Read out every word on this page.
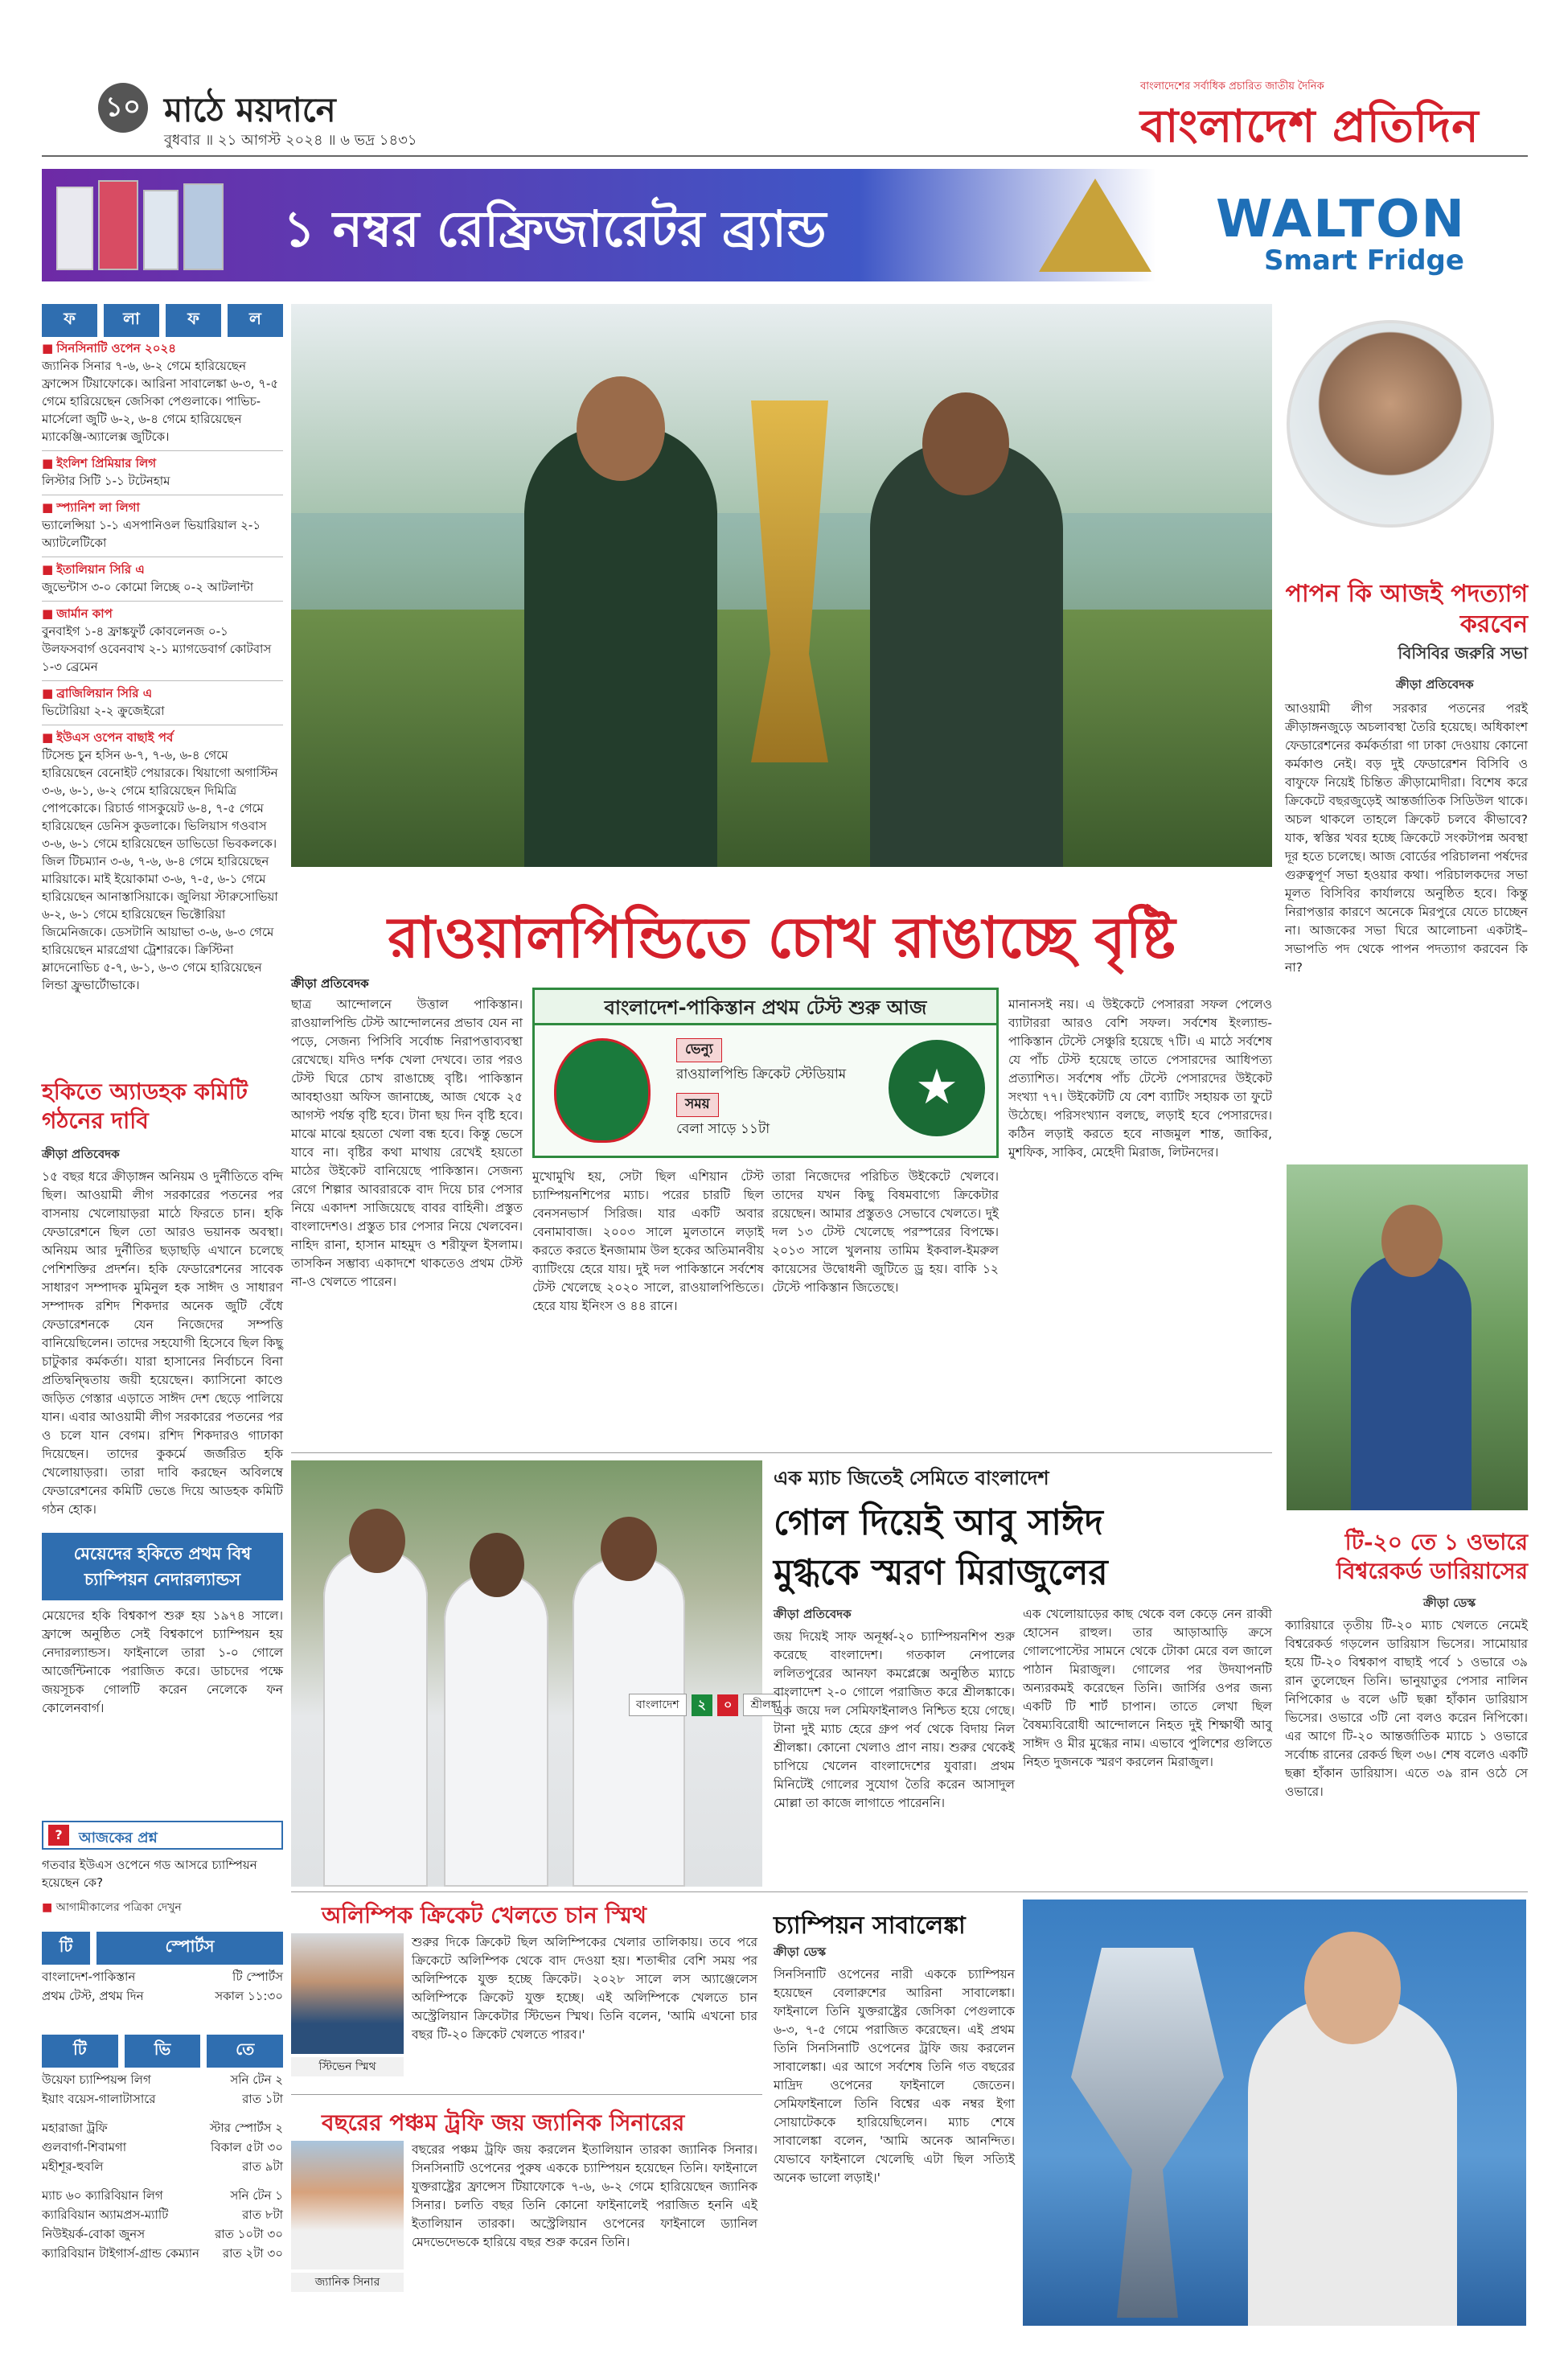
১০ মাঠে ময়দানে
বুধবার ॥ ২১ আগস্ট ২০২৪ ॥ ৬ ভদ্র ১৪৩১
বাংলাদেশের সর্বাধিক প্রচারিত জাতীয় দৈনিক
বাংলাদেশ প্রতিদিন
১ নম্বর রেফ্রিজারেটর ব্র্যান্ড	WALTON
Smart Fridge
ফ	লা	ফ	ল
■ সিনসিনাটি ওপেন ২০২৪
জ্যানিক সিনার ৭-৬, ৬-২ গেমে হারিয়েছেন ফ্রান্সেস টিয়াফোকে। আরিনা সাবালেঙ্কা ৬-৩, ৭-৫ গেমে হারিয়েছেন জেসিকা পেগুলাকে। পাভিচ-মার্সেলো জুটি ৬-২, ৬-৪ গেমে হারিয়েছেন ম্যাকেঞ্জি-অ্যালেক্স জুটিকে।
■ ইংলিশ প্রিমিয়ার লিগ
লিস্টার সিটি ১-১ টটেনহাম
■ স্প্যানিশ লা লিগা
ভ্যালেন্সিয়া ১-১ এসপানিওল ভিয়ারিয়াল ২-১ অ্যাটলেটিকো
■ ইতালিয়ান সিরি এ
জুভেন্টাস ৩-০ কোমো লিচ্ছে ০-২ আটলান্টা
■ জার্মান কাপ
বুনবাইগ ১-৪ ফ্রাঙ্কফুর্ট কোবলেনজ ০-১ উলফসবার্গ ওবেনবাখ ২-১ ম্যাগডেবার্গ কোটবাস ১-৩ ব্রেমেন
■ ব্রাজিলিয়ান সিরি এ
ভিটোরিয়া ২-২ ক্রুজেইরো
■ ইউএস ওপেন বাছাই পর্ব
টিসেন্ড চুন হসিন ৬-৭, ৭-৬, ৬-৪ গেমে হারিয়েছেন বেনোইট পেয়ারকে। থিয়াগো অগাস্টিন ৩-৬, ৬-১, ৬-২ গেমে হারিয়েছেন দিমিত্রি পোপকোকে। রিচার্ড গাসকুয়েট ৬-৪, ৭-৫ গেমে হারিয়েছেন ডেনিস কুডলাকে। ভিলিয়াস গওবাস ৩-৬, ৬-১ গেমে হারিয়েছেন ডাভিডো ভিবকলকে। জিল টিচম্যান ৩-৬, ৭-৬, ৬-৪ গেমে হারিয়েছেন মারিয়াকে। মাই ইয়োকামা ৩-৬, ৭-৫, ৬-১ গেমে হারিয়েছেন আনাস্তাসিয়াকে। জুলিয়া স্টারুসোভিয়া ৬-২, ৬-১ গেমে হারিয়েছেন ভিক্টোরিয়া জিমেনিজকে। ডেসটানি আয়াভা ৩-৬, ৬-৩ গেমে হারিয়েছেন মারগ্রেথা ট্রেশারকে। ক্রিস্টিনা ম্লাদেনোভিচ ৫-৭, ৬-১, ৬-৩ গেমে হারিয়েছেন লিন্ডা ফ্রুভার্টোভাকে।
হকিতে অ্যাডহক কমিটি গঠনের দাবি
ক্রীড়া প্রতিবেদক
১৫ বছর ধরে ক্রীড়াঙ্গন অনিয়ম ও দুর্নীতিতে বন্দি ছিল। আওয়ামী লীগ সরকারের পতনের পর বাসনায় খেলোয়াড়রা মাঠে ফিরতে চান। হকি ফেডারেশনে ছিল তো আরও ভয়ানক অবস্থা। অনিয়ম আর দুর্নীতির ছড়াছড়ি এখানে চলেছে পেশিশক্তির প্রদর্শন। হকি ফেডারেশনের সাবেক সাধারণ সম্পাদক মুমিনুল হক সাঈদ ও সাধারণ সম্পাদক রশিদ শিকদার অনেক জুটি বেঁধে ফেডারেশনকে যেন নিজেদের সম্পত্তি বানিয়েছিলেন। তাদের সহযোগী হিসেবে ছিল কিছু চাটুকার কর্মকর্তা। যারা হাসানের নির্বাচনে বিনা প্রতিদ্বন্দ্বিতায় জয়ী হয়েছেন। ক্যাসিনো কাণ্ডে জড়িত গেস্তার এড়াতে সাঈদ দেশ ছেড়ে পালিয়ে যান। এবার আওয়ামী লীগ সরকারের পতনের পর ও চলে যান বেগম। রশিদ শিকদারও গাঢাকা দিয়েছেন। তাদের কুকর্মে জর্জরিত হকি খেলোয়াড়রা। তারা দাবি করছেন অবিলম্বে ফেডারেশনের কমিটি ভেঙে দিয়ে আডহক কমিটি গঠন হোক।
মেয়েদের হকিতে প্রথম বিশ্ব চ্যাম্পিয়ন নেদারল্যান্ডস
মেয়েদের হকি বিশ্বকাপ শুরু হয় ১৯৭৪ সালে। ফ্রান্সে অনুষ্ঠিত সেই বিশ্বকাপে চ্যাম্পিয়ন হয় নেদারল্যান্ডস। ফাইনালে তারা ১-০ গোলে আর্জেন্টিনাকে পরাজিত করে। ডাচদের পক্ষে জয়সূচক গোলটি করেন নেলেকে ফন কোলেনবার্গ।
?	আজকের প্রশ্ন
গতবার ইউএস ওপেনে গড আসরে চ্যাম্পিয়ন হয়েছেন কে?
■ আগামীকালের পত্রিকা দেখুন
টি	স্পোর্টস
বাংলাদেশ-পাকিস্তান	টি স্পোর্টস
প্রথম টেস্ট, প্রথম দিন	সকাল ১১:৩০
টি	ভি	তে
উয়েফা চ্যাম্পিয়ন্স লিগ	সনি টেন ২
ইয়াং বয়েস-গালাটাসারে	রাত ১টা
মহারাজা ট্রফি	স্টার স্পোর্টস ২
গুলবার্গা-শিবামগা	বিকাল ৫টা ৩০
মহীশূর-হুবলি	রাত ৯টা
ম্যাচ ৬০ ক্যারিবিয়ান লিগ	সনি টেন ১
ক্যারিবিয়ান অ্যামপ্রস-ম্যাটি	রাত ৮টা
নিউইয়র্ক-বোকা জুনস	রাত ১০টা ৩০
ক্যারিবিয়ান টাইগার্স-গ্রান্ড কেম্যান রাত ২টা ৩০
পাপন কি আজই পদত্যাগ করবেন
বিসিবির জরুরি সভা
ক্রীড়া প্রতিবেদক
আওয়ামী লীগ সরকার পতনের পরই ক্রীড়াঙ্গনজুড়ে অচলাবস্থা তৈরি হয়েছে। অধিকাংশ ফেডারেশনের কর্মকর্তারা গা ঢাকা দেওয়ায় কোনো কর্মকাণ্ড নেই। বড় দুই ফেডারেশন বিসিবি ও বাফুফে নিয়েই চিন্তিত ক্রীড়ামোদীরা। বিশেষ করে ক্রিকেটে বছরজুড়েই আন্তর্জাতিক সিডিউল থাকে। অচল থাকলে তাহলে ক্রিকেট চলবে কীভাবে? যাক, স্বস্তির খবর হচ্ছে ক্রিকেটে সংকটাপন্ন অবস্থা দূর হতে চলেছে। আজ বোর্ডের পরিচালনা পর্ষদের গুরুত্বপূর্ণ সভা হওয়ার কথা। পরিচালকদের সভা মূলত বিসিবির কার্যালয়ে অনুষ্ঠিত হবে। কিন্তু নিরাপত্তার কারণে অনেকে মিরপুরে যেতে চাচ্ছেন না। আজকের সভা ঘিরে আলোচনা একটাই–সভাপতি পদ থেকে পাপন পদত্যাগ করবেন কি না?
রাওয়ালপিন্ডিতে চোখ রাঙাচ্ছে বৃষ্টি
ক্রীড়া প্রতিবেদক
ছাত্র আন্দোলনে উত্তাল পাকিস্তান। রাওয়ালপিন্ডি টেস্ট আন্দোলনের প্রভাব যেন না পড়ে, সেজন্য পিসিবি সর্বোচ্চ নিরাপত্তাব্যবস্থা রেখেছে। যদিও দর্শক খেলা দেখবে। তার পরও টেস্ট ঘিরে চোখ রাঙাচ্ছে বৃষ্টি। পাকিস্তান আবহাওয়া অফিস জানাচ্ছে, আজ থেকে ২৫ আগস্ট পর্যন্ত বৃষ্টি হবে। টানা ছয় দিন বৃষ্টি হবে। মাঝে মাঝে হয়তো খেলা বন্ধ হবে। কিন্তু ভেসে যাবে না। বৃষ্টির কথা মাথায় রেখেই হয়তো মাঠের উইকেট বানিয়েছে পাকিস্তান। সেজন্য রেগে শিল্পার আবরারকে বাদ দিয়ে চার পেসার নিয়ে একাদশ সাজিয়েছে বাবর বাহিনী। প্রস্তুত বাংলাদেশও। প্রস্তুত চার পেসার নিয়ে খেলবেন। নাহিদ রানা, হাসান মাহমুদ ও শরীফুল ইসলাম। তাসকিন সম্ভাব্য একাদশে থাকতেও প্রথম টেস্ট না-ও খেলতে পারেন।
বাংলাদেশ-পাকিস্তান প্রথম টেস্ট শুরু আজ
ভেন্যু
রাওয়ালপিন্ডি ক্রিকেট স্টেডিয়াম
সময়
বেলা সাড়ে ১১টা
★
মুখোমুখি হয়, সেটা ছিল এশিয়ান টেস্ট চ্যাম্পিয়নশিপের ম্যাচ। পরের চারটি ছিল বেনসনভার্স সিরিজ। যার একটি অবার বেনামাবাজ। ২০০৩ সালে মুলতানে লড়াই করতে করতে ইনজামাম উল হকের অতিমানবীয় ব্যাটিংয়ে হেরে যায়। দুই দল পাকিস্তানে সর্বশেষ টেস্ট খেলেছে ২০২০ সালে, রাওয়ালপিন্ডিতে। হেরে যায় ইনিংস ও ৪৪ রানে।
তারা নিজেদের পরিচিত উইকেটে খেলবে। তাদের যখন কিছু বিষমবাগ্যে ক্রিকেটার রয়েছেন। আমার প্রস্তুতও সেভাবে খেলতে। দুই দল ১৩ টেস্ট খেলেছে পরস্পরের বিপক্ষে। ২০১৩ সালে খুলনায় তামিম ইকবাল-ইমরুল কায়েসের উদ্বোধনী জুটিতে ড্র হয়। বাকি ১২ টেস্টে পাকিস্তান জিতেছে।
মানানসই নয়। এ উইকেটে পেসাররা সফল পেলেও ব্যাটাররা আরও বেশি সফল। সর্বশেষ ইংল্যান্ড-পাকিস্তান টেস্টে সেঞ্চুরি হয়েছে ৭টি। এ মাঠে সর্বশেষ যে পাঁচ টেস্ট হয়েছে তাতে পেসারদের আধিপত্য প্রত্যাশিত। সর্বশেষ পাঁচ টেস্টে পেসারদের উইকেট সংখ্যা ৭৭। উইকেটটি যে বেশ ব্যাটিং সহায়ক তা ফুটে উঠেছে। পরিসংখ্যান বলছে, লড়াই হবে পেসারদের। কঠিন লড়াই করতে হবে নাজমুল শান্ত, জাকির, মুশফিক, সাকিব, মেহেদী মিরাজ, লিটনদের।
বাংলাদেশ	২	০	শ্রীলঙ্কা
এক ম্যাচ জিতেই সেমিতে বাংলাদেশ
গোল দিয়েই আবু সাঈদ
মুগ্ধকে স্মরণ মিরাজুলের
ক্রীড়া প্রতিবেদক
জয় দিয়েই সাফ অনূর্ধ্ব-২০ চ্যাম্পিয়নশিপ শুরু করেছে বাংলাদেশ। গতকাল নেপালের ললিতপুরের আনফা কমপ্লেক্সে অনুষ্ঠিত ম্যাচে বাংলাদেশ ২-০ গোলে পরাজিত করে শ্রীলঙ্কাকে। এক জয়ে দল সেমিফাইনালও নিশ্চিত হয়ে গেছে। টানা দুই ম্যাচ হেরে গ্রুপ পর্ব থেকে বিদায় নিল শ্রীলঙ্কা। কোনো খেলাও প্রাণ নায়। শুরুর থেকেই চাপিয়ে খেলেন বাংলাদেশের যুবারা। প্রথম মিনিটেই গোলের সুযোগ তৈরি করেন আসাদুল মোল্লা তা কাজে লাগাতে পারেননি।
এক খেলোয়াড়ের কাছ থেকে বল কেড়ে নেন রাব্বী হোসেন রাহুল। তার আড়াআড়ি ক্রসে গোলপোস্টের সামনে থেকে টোকা মেরে বল জালে পাঠান মিরাজুল। গোলের পর উদযাপনটি অন্যরকমই করেছেন তিনি। জার্সির ওপর জন্য একটি টি শার্ট চাপান। তাতে লেখা ছিল বৈষম্যবিরোধী আন্দোলনে নিহত দুই শিক্ষার্থী আবু সাঈদ ও মীর মুগ্ধের নাম। এভাবে পুলিশের গুলিতে নিহত দুজনকে স্মরণ করলেন মিরাজুল।
অলিম্পিক ক্রিকেট খেলতে চান স্মিথ
স্টিভেন স্মিথ
শুরুর দিকে ক্রিকেট ছিল অলিম্পিকের খেলার তালিকায়। তবে পরে ক্রিকেটে অলিম্পিক থেকে বাদ দেওয়া হয়। শতাব্দীর বেশি সময় পর অলিম্পিকে যুক্ত হচ্ছে ক্রিকেট। ২০২৮ সালে লস অ্যাঞ্জেলেস অলিম্পিকে ক্রিকেট যুক্ত হচ্ছে। এই অলিম্পিকে খেলতে চান অস্ট্রেলিয়ান ক্রিকেটার স্টিভেন স্মিথ। তিনি বলেন, 'আমি এখনো চার বছর টি-২০ ক্রিকেট খেলতে পারব।'
বছরের পঞ্চম ট্রফি জয় জ্যানিক সিনারের
জ্যানিক সিনার
বছরের পঞ্চম ট্রফি জয় করলেন ইতালিয়ান তারকা জ্যানিক সিনার। সিনসিনাটি ওপেনের পুরুষ এককে চ্যাম্পিয়ন হয়েছেন তিনি। ফাইনালে যুক্তরাষ্ট্রের ফ্রান্সেস টিয়াফোকে ৭-৬, ৬-২ গেমে হারিয়েছেন জ্যানিক সিনার। চলতি বছর তিনি কোনো ফাইনালেই পরাজিত হননি এই ইতালিয়ান তারকা। অস্ট্রেলিয়ান ওপেনের ফাইনালে ড্যানিল মেদভেদেভকে হারিয়ে বছর শুরু করেন তিনি।
চ্যাম্পিয়ন সাবালেঙ্কা
ক্রীড়া ডেস্ক
সিনসিনাটি ওপেনের নারী এককে চ্যাম্পিয়ন হয়েছেন বেলারুশের আরিনা সাবালেঙ্কা। ফাইনালে তিনি যুক্তরাষ্ট্রের জেসিকা পেগুলাকে ৬-৩, ৭-৫ গেমে পরাজিত করেছেন। এই প্রথম তিনি সিনসিনাটি ওপেনের ট্রফি জয় করলেন সাবালেঙ্কা। এর আগে সর্বশেষ তিনি গত বছরের মাদ্রিদ ওপেনের ফাইনালে জেতেন। সেমিফাইনালে তিনি বিশ্বের এক নম্বর ইগা সোয়াটেককে হারিয়েছিলেন। ম্যাচ শেষে সাবালেঙ্কা বলেন, 'আমি অনেক আনন্দিত। যেভাবে ফাইনালে খেলেছি এটা ছিল সত্যিই অনেক ভালো লড়াই।'
টি-২০ তে ১ ওভারে বিশ্বরেকর্ড ডারিয়াসের
ক্রীড়া ডেস্ক
ক্যারিয়ারে তৃতীয় টি-২০ ম্যাচ খেলতে নেমেই বিশ্বরেকর্ড গড়লেন ডারিয়াস ভিসের। সামোয়ার হয়ে টি-২০ বিশ্বকাপ বাছাই পর্বে ১ ওভারে ৩৯ রান তুলেছেন তিনি। ভানুয়াতুর পেসার নালিন নিপিকোর ৬ বলে ৬টি ছক্কা হাঁকান ডারিয়াস ভিসের। ওভারে ৩টি নো বলও করেন নিপিকো। এর আগে টি-২০ আন্তর্জাতিক ম্যাচে ১ ওভারে সর্বোচ্চ রানের রেকর্ড ছিল ৩৬। শেষ বলেও একটি ছক্কা হাঁকান ডারিয়াস। এতে ৩৯ রান ওঠে সে ওভারে।
